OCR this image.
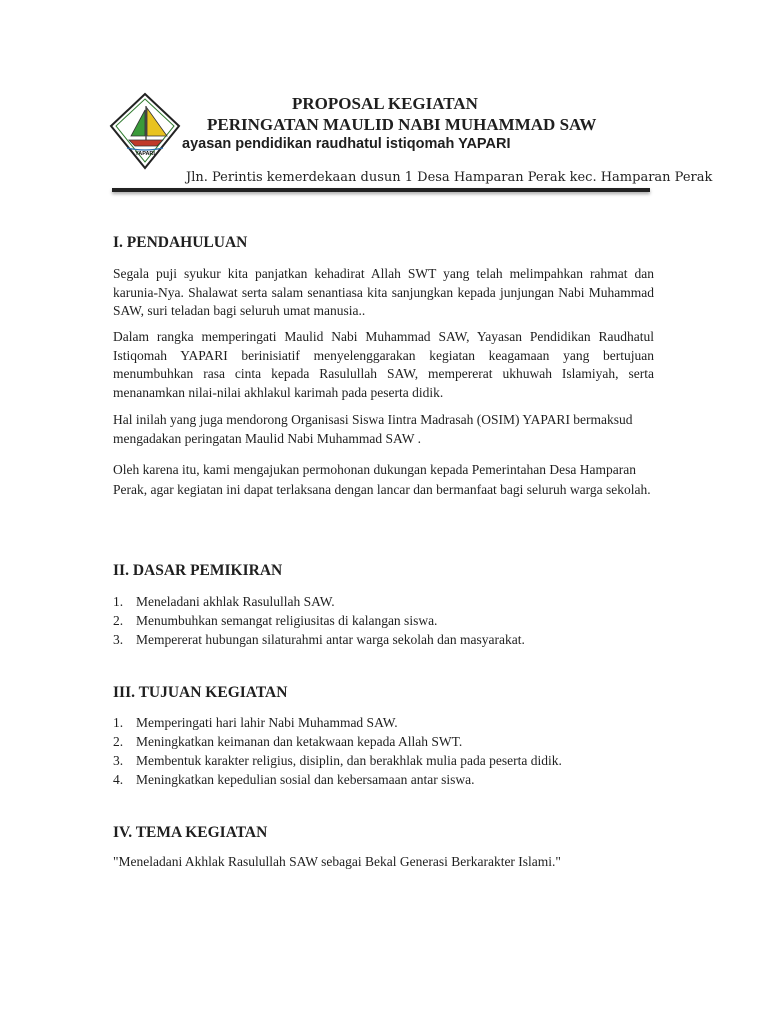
YAPARI
PROPOSAL KEGIATAN
PERINGATAN MAULID NABI MUHAMMAD SAW
ayasan pendidikan raudhatul istiqomah YAPARI
Jln. Perintis kemerdekaan dusun 1 Desa Hamparan Perak kec. Hamparan Perak
I. PENDAHULUAN
Segala puji syukur kita panjatkan kehadirat Allah SWT yang telah melimpahkan rahmat dan karunia-Nya. Shalawat serta salam senantiasa kita sanjungkan kepada junjungan Nabi Muhammad SAW, suri teladan bagi seluruh umat manusia..
Dalam rangka memperingati Maulid Nabi Muhammad SAW, Yayasan Pendidikan Raudhatul Istiqomah YAPARI berinisiatif menyelenggarakan kegiatan keagamaan yang bertujuan menumbuhkan rasa cinta kepada Rasulullah SAW, mempererat ukhuwah Islamiyah, serta menanamkan nilai-nilai akhlakul karimah pada peserta didik.
Hal inilah yang juga mendorong Organisasi Siswa Iintra Madrasah (OSIM) YAPARI bermaksud mengadakan peringatan Maulid Nabi Muhammad SAW .
Oleh karena itu, kami mengajukan permohonan dukungan kepada Pemerintahan Desa Hamparan Perak, agar kegiatan ini dapat terlaksana dengan lancar dan bermanfaat bagi seluruh warga sekolah.
II. DASAR PEMIKIRAN
1. Meneladani akhlak Rasulullah SAW.
2. Menumbuhkan semangat religiusitas di kalangan siswa.
3. Mempererat hubungan silaturahmi antar warga sekolah dan masyarakat.
III. TUJUAN KEGIATAN
1. Memperingati hari lahir Nabi Muhammad SAW.
2. Meningkatkan keimanan dan ketakwaan kepada Allah SWT.
3. Membentuk karakter religius, disiplin, dan berakhlak mulia pada peserta didik.
4. Meningkatkan kepedulian sosial dan kebersamaan antar siswa.
IV. TEMA KEGIATAN
"Meneladani Akhlak Rasulullah SAW sebagai Bekal Generasi Berkarakter Islami."
